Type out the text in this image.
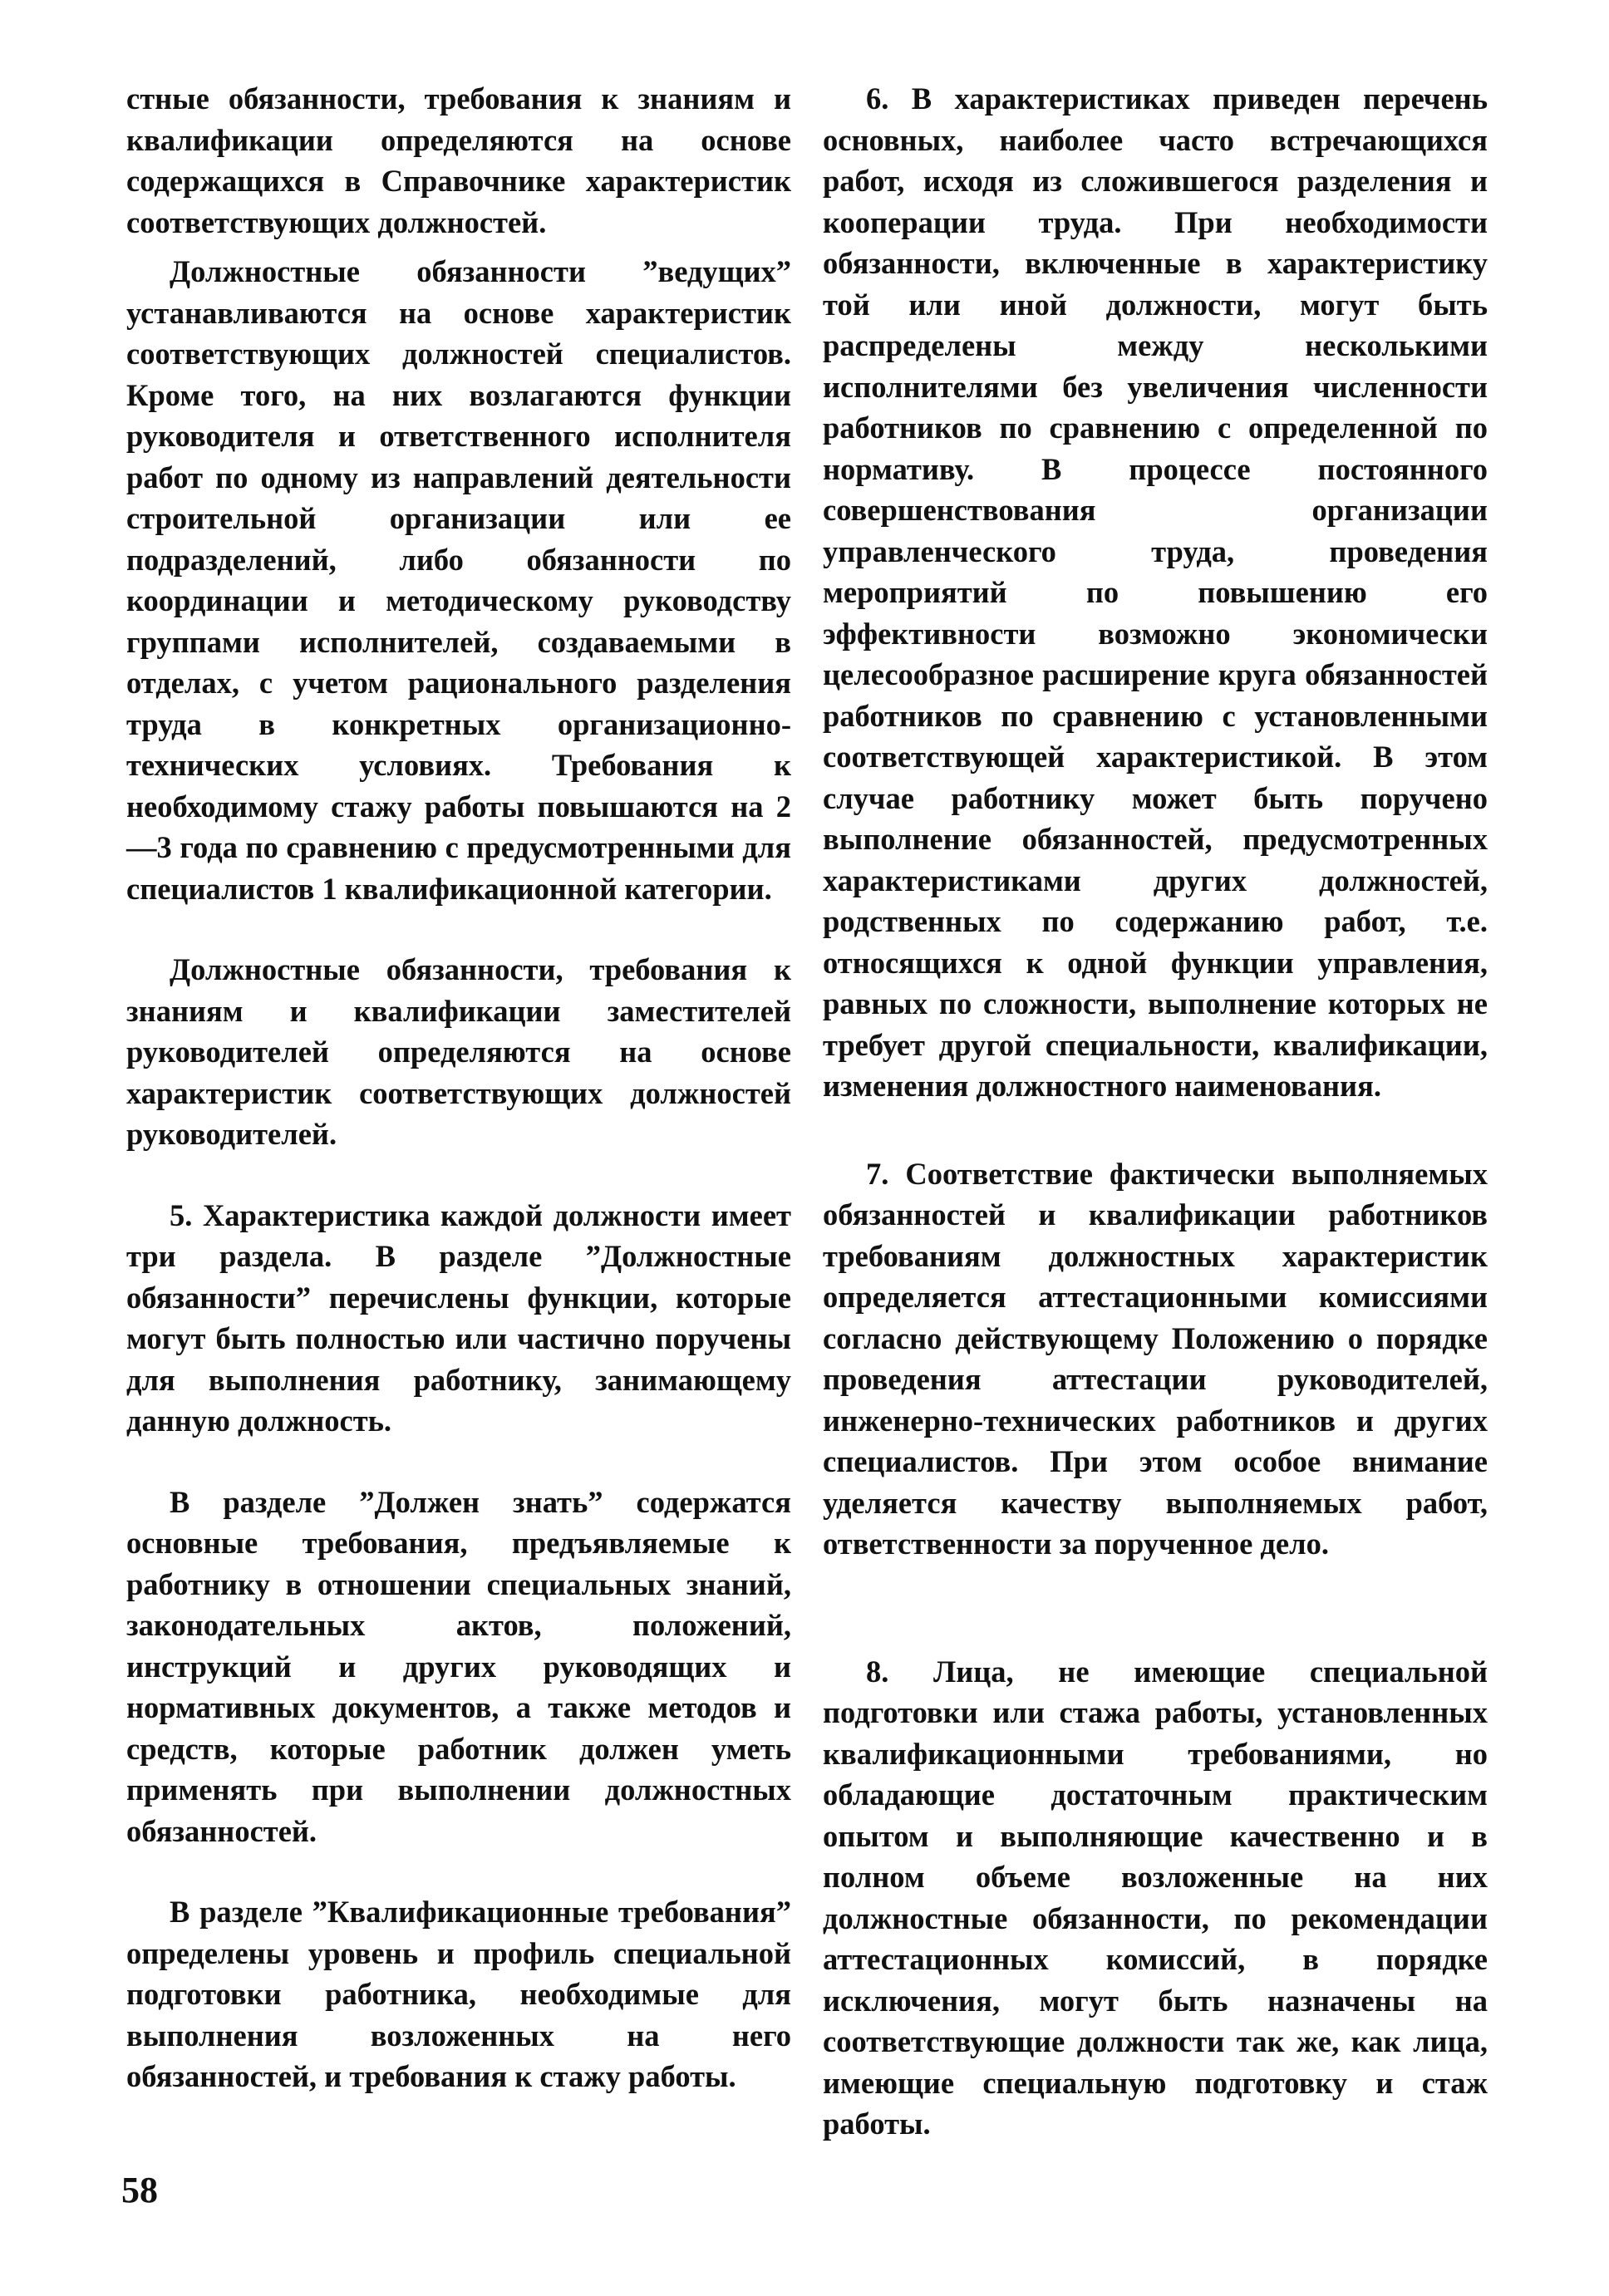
стные обязанности, требования к знаниям и квалификации определяются на основе содержащихся в Справочнике характеристик соответствующих должностей.

Должностные обязанности ”ведущих” устанавливаются на основе характеристик соответствующих должностей специалистов. Кроме того, на них возлагаются функции руководителя и ответственного исполнителя работ по одному из направлений деятельности строительной организации или ее подразделений, либо обязанности по координации и методическому руководству группами исполнителей, создаваемыми в отделах, с учетом рационального разделения труда в конкретных организационно-технических условиях. Требования к необходимому стажу работы повышаются на 2—3 года по сравнению с предусмотренными для специалистов 1 квалификационной категории.

Должностные обязанности, требования к знаниям и квалификации заместителей руководителей определяются на основе характеристик соответствующих должностей руководителей.

5. Характеристика каждой должности имеет три раздела. В разделе ”Должностные обязанности” перечислены функции, которые могут быть полностью или частично поручены для выполнения работнику, занимающему данную должность.

В разделе ”Должен знать” содержатся основные требования, предъявляемые к работнику в отношении специальных знаний, законодательных актов, положений, инструкций и других руководящих и нормативных документов, а также методов и средств, которые работник должен уметь применять при выполнении должностных обязанностей.

В разделе ”Квалификационные требования” определены уровень и профиль специальной подготовки работника, необходимые для выполнения возложенных на него обязанностей, и требования к стажу работы.

6. В характеристиках приведен перечень основных, наиболее часто встречающихся работ, исходя из сложившегося разделения и кооперации труда. При необходимости обязанности, включенные в характеристику той или иной должности, могут быть распределены между несколькими исполнителями без увеличения численности работников по сравнению с определенной по нормативу. В процессе постоянного совершенствования организации управленческого труда, проведения мероприятий по повышению его эффективности возможно экономически целесообразное расширение круга обязанностей работников по сравнению с установленными соответствующей характеристикой. В этом случае работнику может быть поручено выполнение обязанностей, предусмотренных характеристиками других должностей, родственных по содержанию работ, т.е. относящихся к одной функции управления, равных по сложности, выполнение которых не требует другой специальности, квалификации, изменения должностного наименования.

7. Соответствие фактически выполняемых обязанностей и квалификации работников требованиям должностных характеристик определяется аттестационными комиссиями согласно действующему Положению о порядке проведения аттестации руководителей, инженерно-технических работников и других специалистов. При этом особое внимание уделяется качеству выполняемых работ, ответственности за порученное дело.

8. Лица, не имеющие специальной подготовки или стажа работы, установленных квалификационными требованиями, но обладающие достаточным практическим опытом и выполняющие качественно и в полном объеме возложенные на них должностные обязанности, по рекомендации аттестационных комиссий, в порядке исключения, могут быть назначены на соответствующие должности так же, как лица, имеющие специальную подготовку и стаж работы.

58
